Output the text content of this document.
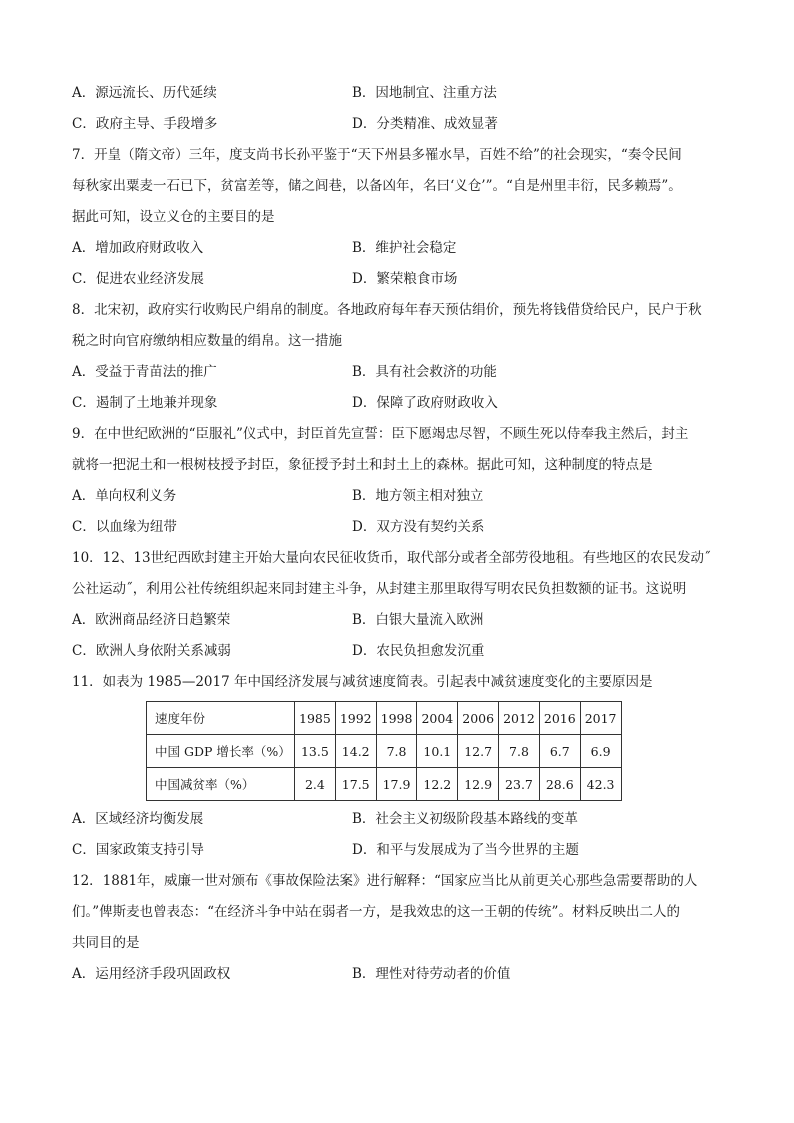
A．源远流长、历代延续	B．因地制宜、注重方法
C．政府主导、手段增多	D．分类精准、成效显著
7．开皇（隋文帝）三年，度支尚书长孙平鉴于“天下州县多罹水旱，百姓不给”的社会现实，“奏令民间
每秋家出粟麦一石已下，贫富差等，储之闾巷，以备凶年，名曰‘义仓’”。“自是州里丰衍，民多赖焉”。
据此可知，设立义仓的主要目的是
A．增加政府财政收入	B．维护社会稳定
C．促进农业经济发展	D．繁荣粮食市场
8．北宋初，政府实行收购民户绢帛的制度。各地政府每年春天预估绢价，预先将钱借贷给民户，民户于秋
税之时向官府缴纳相应数量的绢帛。这一措施
A．受益于青苗法的推广	B．具有社会救济的功能
C．遏制了土地兼并现象	D．保障了政府财政收入
9．在中世纪欧洲的“臣服礼”仪式中，封臣首先宣誓：臣下愿竭忠尽智，不顾生死以侍奉我主然后，封主
就将一把泥土和一根树枝授予封臣，象征授予封土和封土上的森林。据此可知，这种制度的特点是
A．单向权利义务	B．地方领主相对独立
C．以血缘为纽带	D．双方没有契约关系
10．12、13世纪西欧封建主开始大量向农民征收货币，取代部分或者全部劳役地租。有些地区的农民发动˝
公社运动˝，利用公社传统组织起来同封建主斗争，从封建主那里取得写明农民负担数额的证书。这说明
A．欧洲商品经济日趋繁荣	B．白银大量流入欧洲
C．欧洲人身依附关系减弱	D．农民负担愈发沉重
11．如表为 1985—2017 年中国经济发展与减贫速度简表。引起表中减贫速度变化的主要原因是
速度年份	1985	1992	1998	2004	2006	2012	2016	2017
中国 GDP 增长率（%）	13.5	14.2	7.8	10.1	12.7	7.8	6.7	6.9
中国减贫率（%）	2.4	17.5	17.9	12.2	12.9	23.7	28.6	42.3
A．区域经济均衡发展	B．社会主义初级阶段基本路线的变革
C．国家政策支持引导	D．和平与发展成为了当今世界的主题
12．1881年，威廉一世对颁布《事故保险法案》进行解释：“国家应当比从前更关心那些急需要帮助的人
们。”俾斯麦也曾表态：“在经济斗争中站在弱者一方，是我效忠的这一王朝的传统”。材料反映出二人的
共同目的是
A．运用经济手段巩固政权	B．理性对待劳动者的价值
